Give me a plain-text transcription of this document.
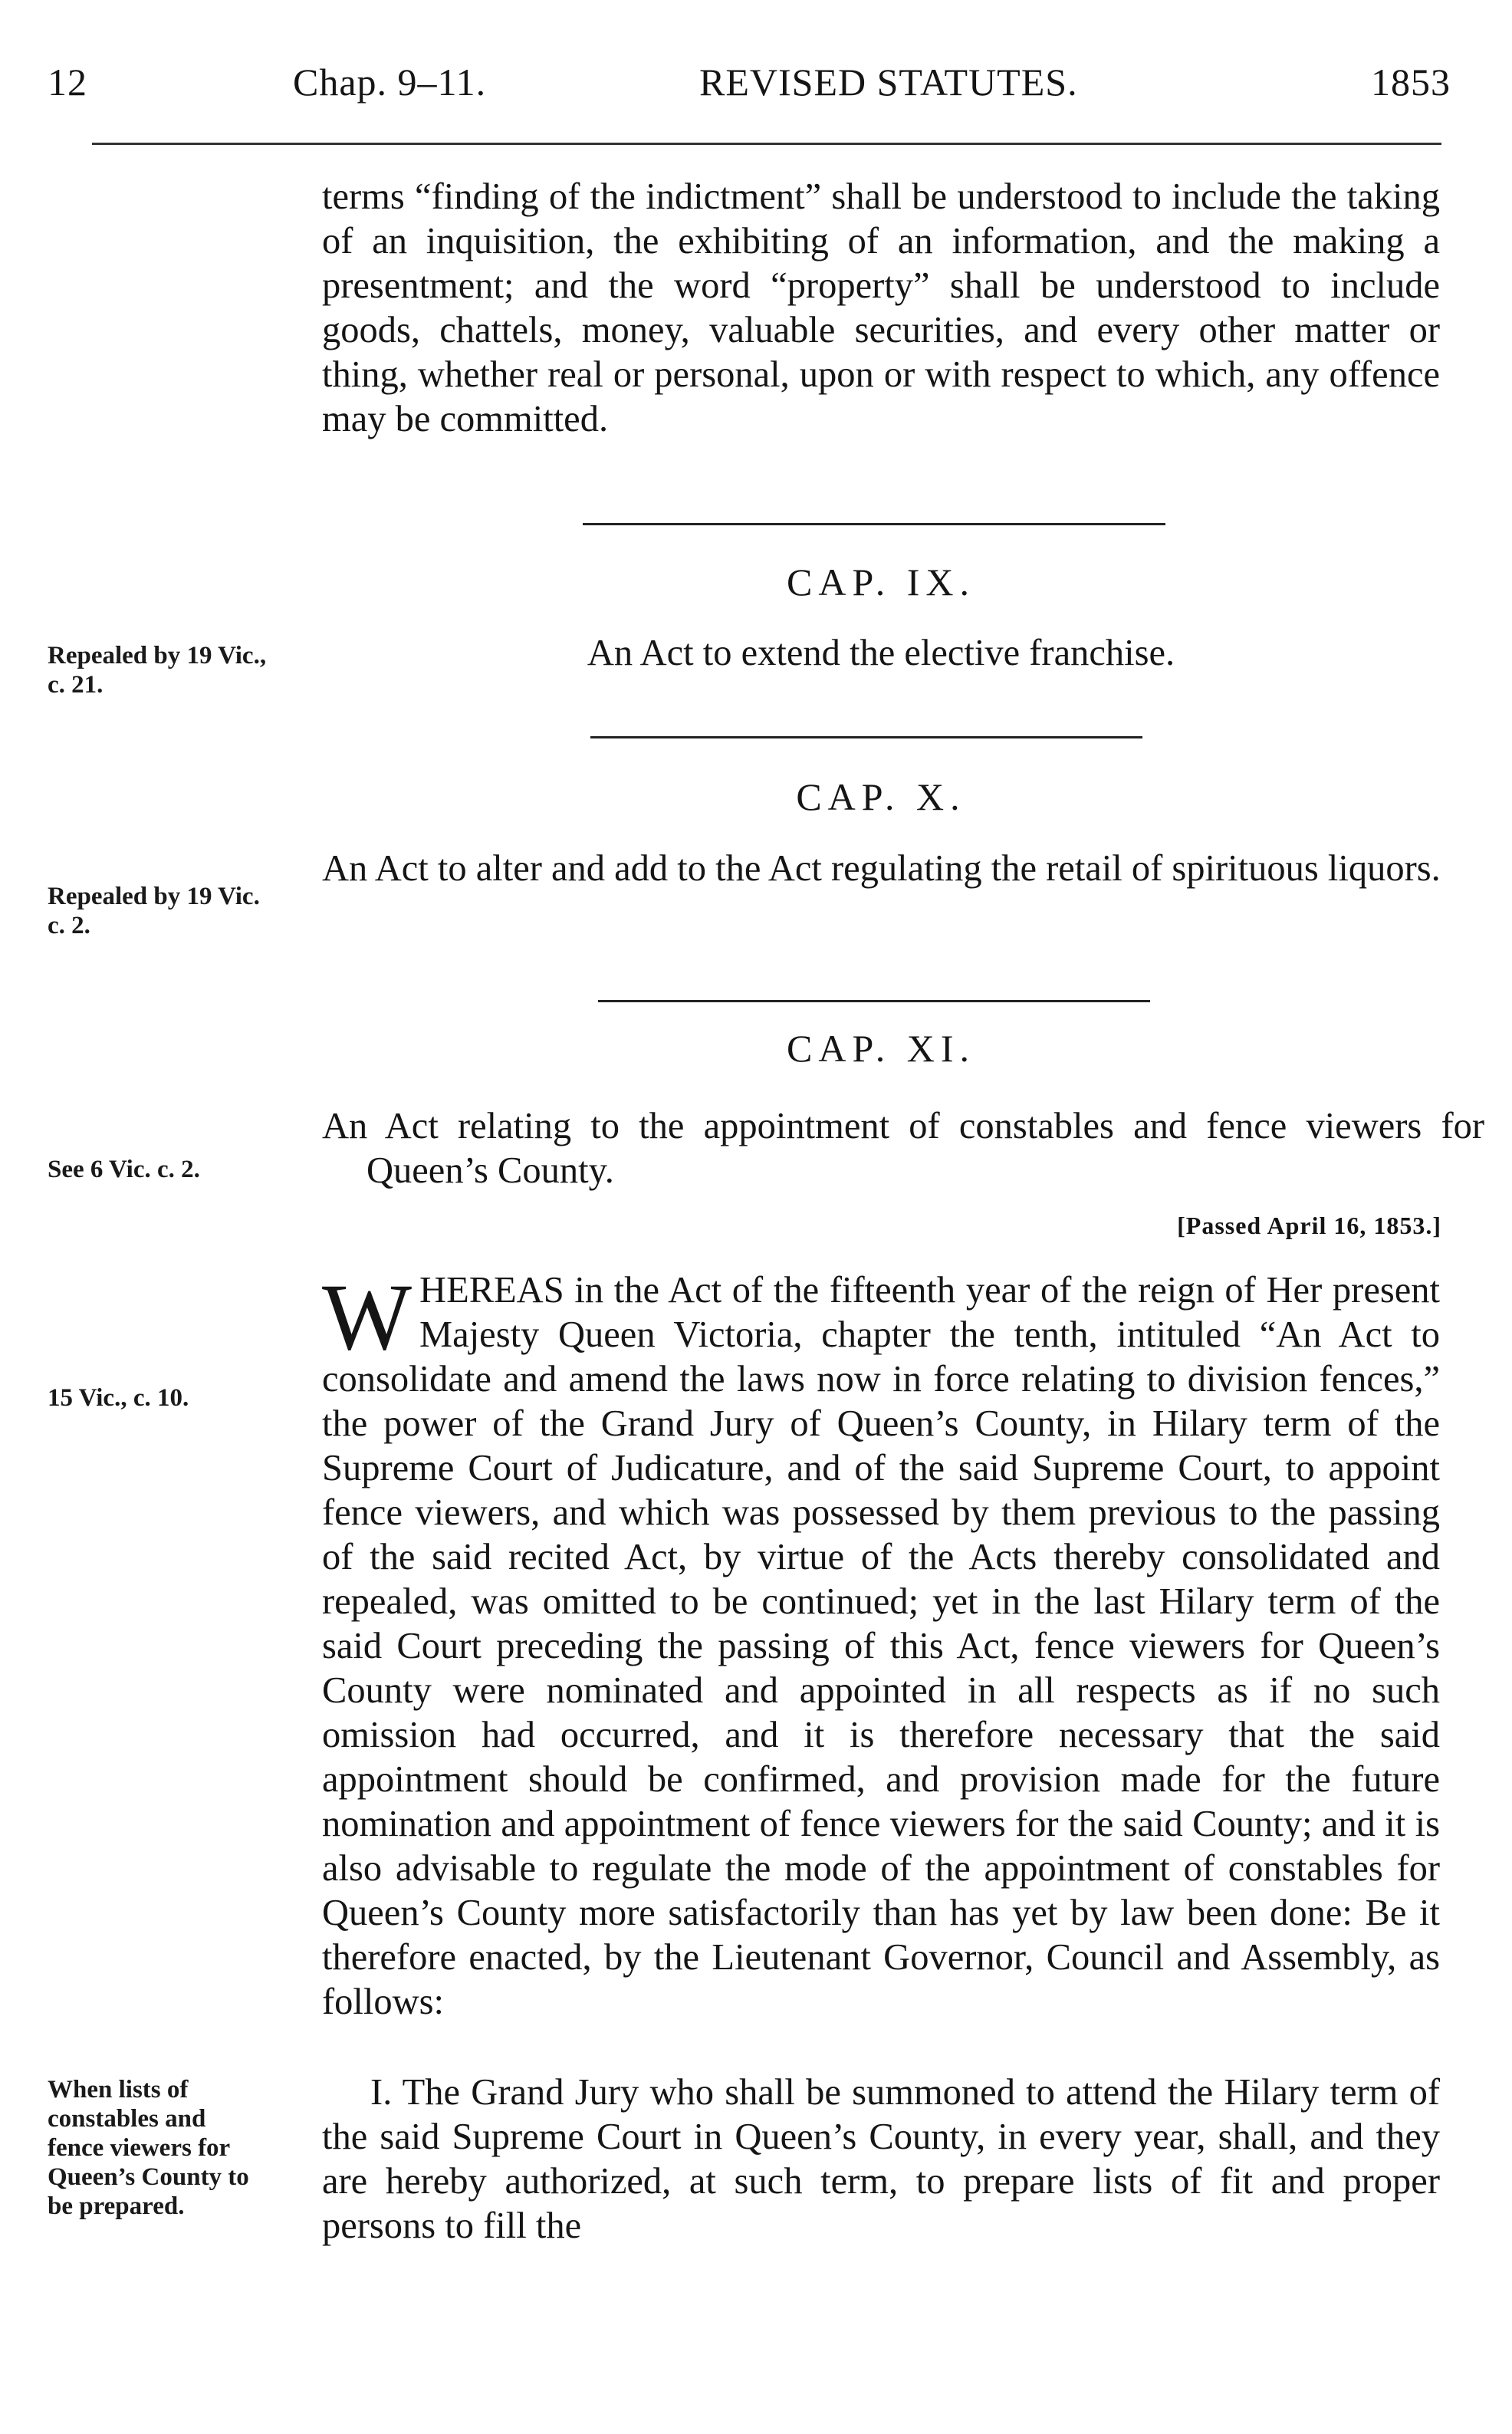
12	Chap. 9–11.	REVISED STATUTES.	1853

terms “finding of the indictment” shall be understood to include the taking of an inquisition, the exhibiting of an information, and the making a presentment; and the word “property” shall be understood to include goods, chattels, money, valuable securities, and every other matter or thing, whether real or personal, upon or with respect to which, any offence may be committed.

CAP. IX.
An Act to extend the elective franchise.
Repealed by 19 Vic., c. 21.
CAP. X.
An Act to alter and add to the Act regulating the retail of spirituous liquors.
Repealed by 19 Vic. c. 2.
CAP. XI.
An Act relating to the appointment of constables and fence viewers for Queen’s County.
See 6 Vic. c. 2.
[Passed April 16, 1853.]

WHEREAS in the Act of the fifteenth year of the reign of Her present Majesty Queen Victoria, chapter the tenth, intituled “An Act to consolidate and amend the laws now in force relating to division fences,” the power of the Grand Jury of Queen’s County, in Hilary term of the Supreme Court of Judicature, and of the said Supreme Court, to appoint fence viewers, and which was possessed by them previous to the passing of the said recited Act, by virtue of the Acts thereby consolidated and repealed, was omitted to be continued; yet in the last Hilary term of the said Court preceding the passing of this Act, fence viewers for Queen’s County were nominated and appointed in all respects as if no such omission had occurred, and it is therefore necessary that the said appointment should be confirmed, and provision made for the future nomination and appointment of fence viewers for the said County; and it is also advisable to regulate the mode of the appointment of constables for Queen’s County more satisfactorily than has yet by law been done: Be it therefore enacted, by the Lieutenant Governor, Council and Assembly, as follows:

15 Vic., c. 10.

I. The Grand Jury who shall be summoned to attend the Hilary term of the said Supreme Court in Queen’s County, in every year, shall, and they are hereby authorized, at such term, to prepare lists of fit and proper persons to fill the

When lists of constables and fence viewers for Queen’s County to be prepared.
